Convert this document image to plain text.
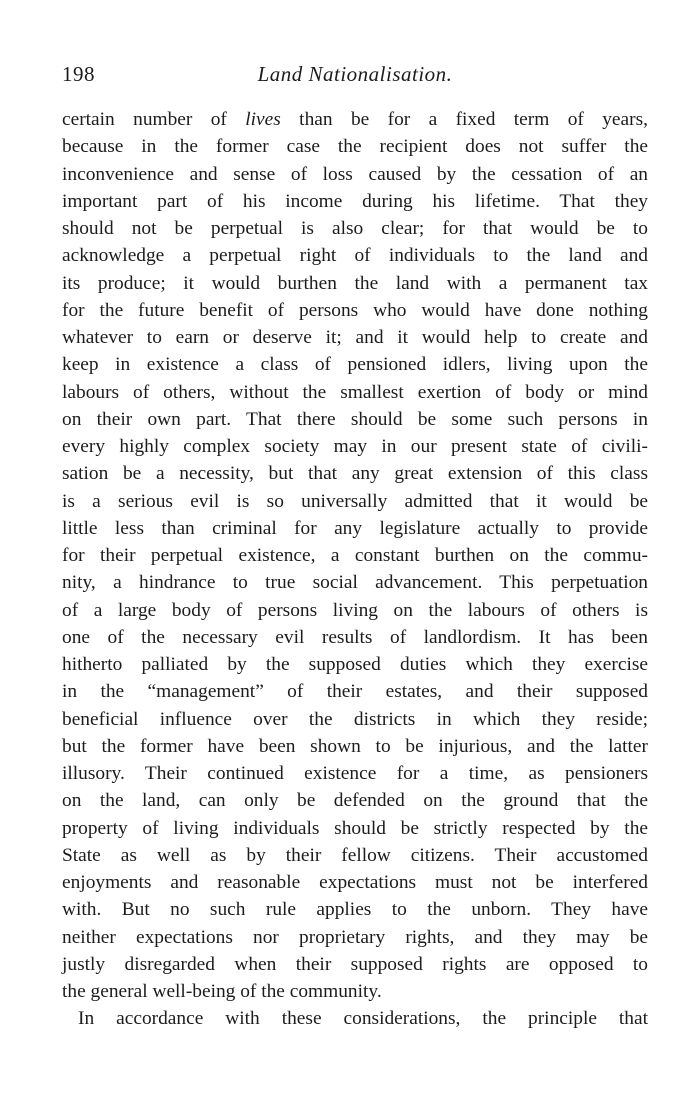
198	Land Nationalisation.
certain number of lives than be for a fixed term of years,
because in the former case the recipient does not suffer the
inconvenience and sense of loss caused by the cessation of an
important part of his income during his lifetime. That they
should not be perpetual is also clear; for that would be to
acknowledge a perpetual right of individuals to the land and
its produce; it would burthen the land with a permanent tax
for the future benefit of persons who would have done nothing
whatever to earn or deserve it; and it would help to create and
keep in existence a class of pensioned idlers, living upon the
labours of others, without the smallest exertion of body or mind
on their own part. That there should be some such persons in
every highly complex society may in our present state of civili-
sation be a necessity, but that any great extension of this class
is a serious evil is so universally admitted that it would be
little less than criminal for any legislature actually to provide
for their perpetual existence, a constant burthen on the commu-
nity, a hindrance to true social advancement. This perpetuation
of a large body of persons living on the labours of others is
one of the necessary evil results of landlordism. It has been
hitherto palliated by the supposed duties which they exercise
in the “management” of their estates, and their supposed
beneficial influence over the districts in which they reside;
but the former have been shown to be injurious, and the latter
illusory. Their continued existence for a time, as pensioners
on the land, can only be defended on the ground that the
property of living individuals should be strictly respected by the
State as well as by their fellow citizens. Their accustomed
enjoyments and reasonable expectations must not be interfered
with. But no such rule applies to the unborn. They have
neither expectations nor proprietary rights, and they may be
justly disregarded when their supposed rights are opposed to
the general well-being of the community.
In accordance with these considerations, the principle that
